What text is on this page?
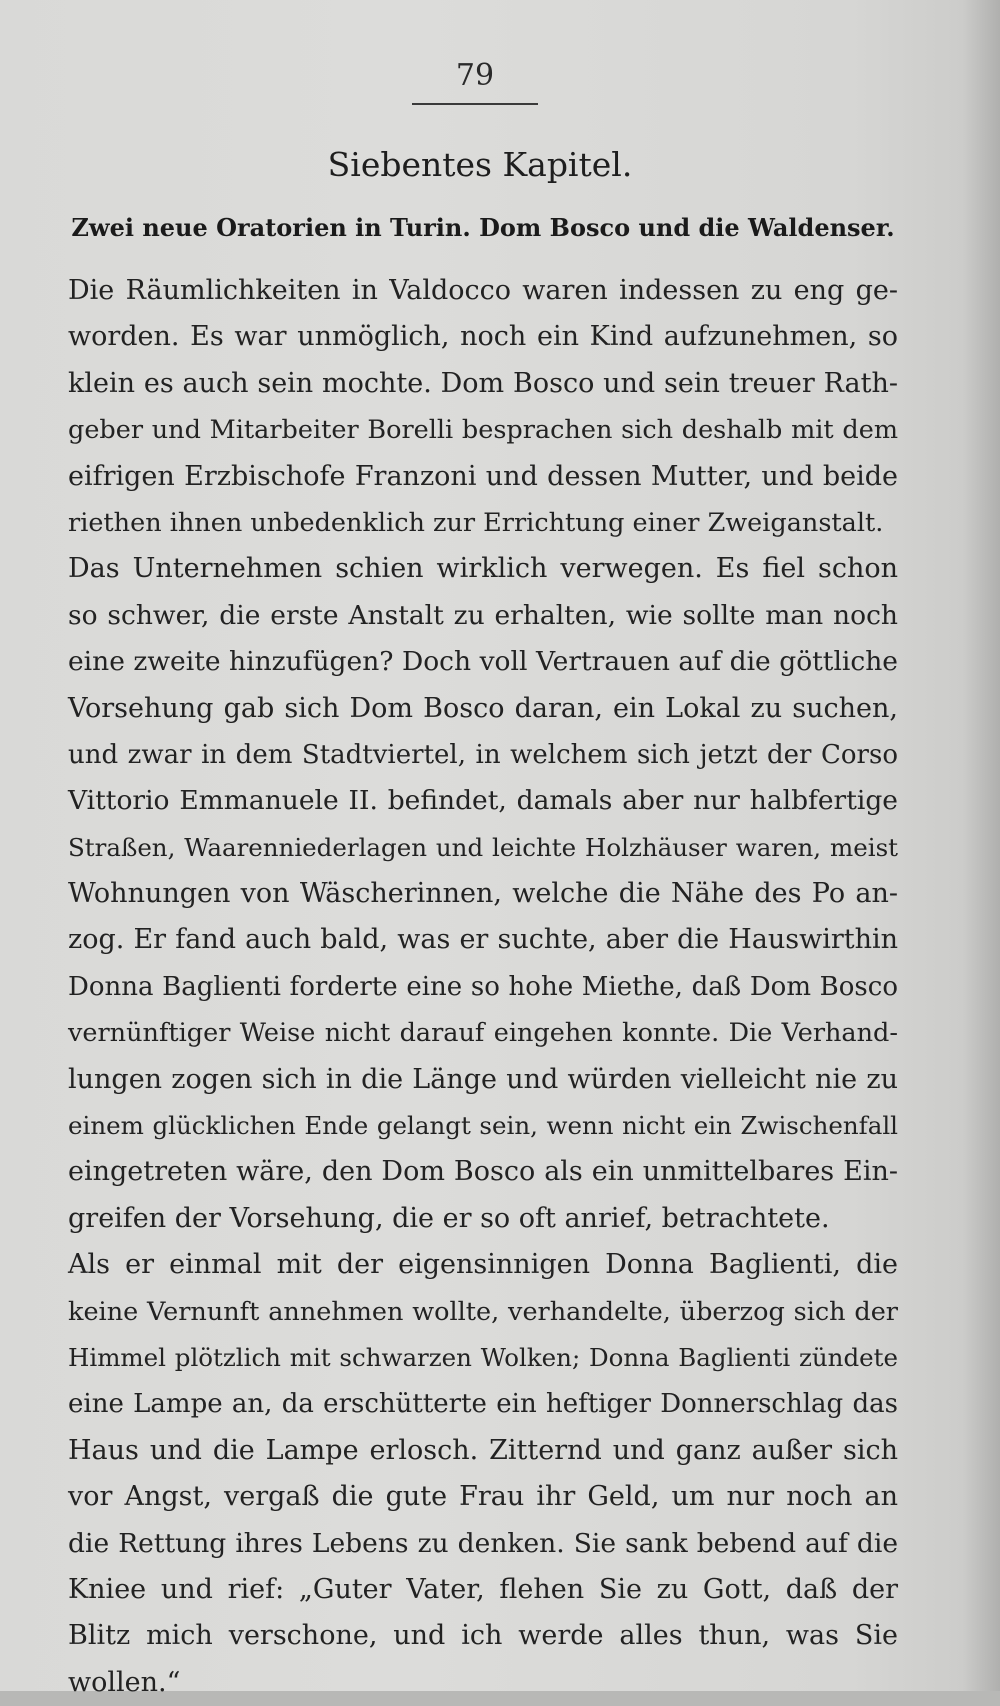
79
Siebentes Kapitel.
Zwei neue Oratorien in Turin. Dom Bosco und die Waldenser.
Die Räumlichkeiten in Valdocco waren indessen zu eng ge-
worden. Es war unmöglich, noch ein Kind aufzunehmen, so
klein es auch sein mochte. Dom Bosco und sein treuer Rath-
geber und Mitarbeiter Borelli besprachen sich deshalb mit dem
eifrigen Erzbischofe Franzoni und dessen Mutter, und beide
riethen ihnen unbedenklich zur Errichtung einer Zweiganstalt.
Das Unternehmen schien wirklich verwegen. Es fiel schon
so schwer, die erste Anstalt zu erhalten, wie sollte man noch
eine zweite hinzufügen? Doch voll Vertrauen auf die göttliche
Vorsehung gab sich Dom Bosco daran, ein Lokal zu suchen,
und zwar in dem Stadtviertel, in welchem sich jetzt der Corso
Vittorio Emmanuele II. befindet, damals aber nur halbfertige
Straßen, Waarenniederlagen und leichte Holzhäuser waren, meist
Wohnungen von Wäscherinnen, welche die Nähe des Po an-
zog. Er fand auch bald, was er suchte, aber die Hauswirthin
Donna Baglienti forderte eine so hohe Miethe, daß Dom Bosco
vernünftiger Weise nicht darauf eingehen konnte. Die Verhand-
lungen zogen sich in die Länge und würden vielleicht nie zu
einem glücklichen Ende gelangt sein, wenn nicht ein Zwischenfall
eingetreten wäre, den Dom Bosco als ein unmittelbares Ein-
greifen der Vorsehung, die er so oft anrief, betrachtete.
Als er einmal mit der eigensinnigen Donna Baglienti, die
keine Vernunft annehmen wollte, verhandelte, überzog sich der
Himmel plötzlich mit schwarzen Wolken; Donna Baglienti zündete
eine Lampe an, da erschütterte ein heftiger Donnerschlag das
Haus und die Lampe erlosch. Zitternd und ganz außer sich
vor Angst, vergaß die gute Frau ihr Geld, um nur noch an
die Rettung ihres Lebens zu denken. Sie sank bebend auf die
Kniee und rief: „Guter Vater, flehen Sie zu Gott, daß der
Blitz mich verschone, und ich werde alles thun, was Sie
wollen.“
